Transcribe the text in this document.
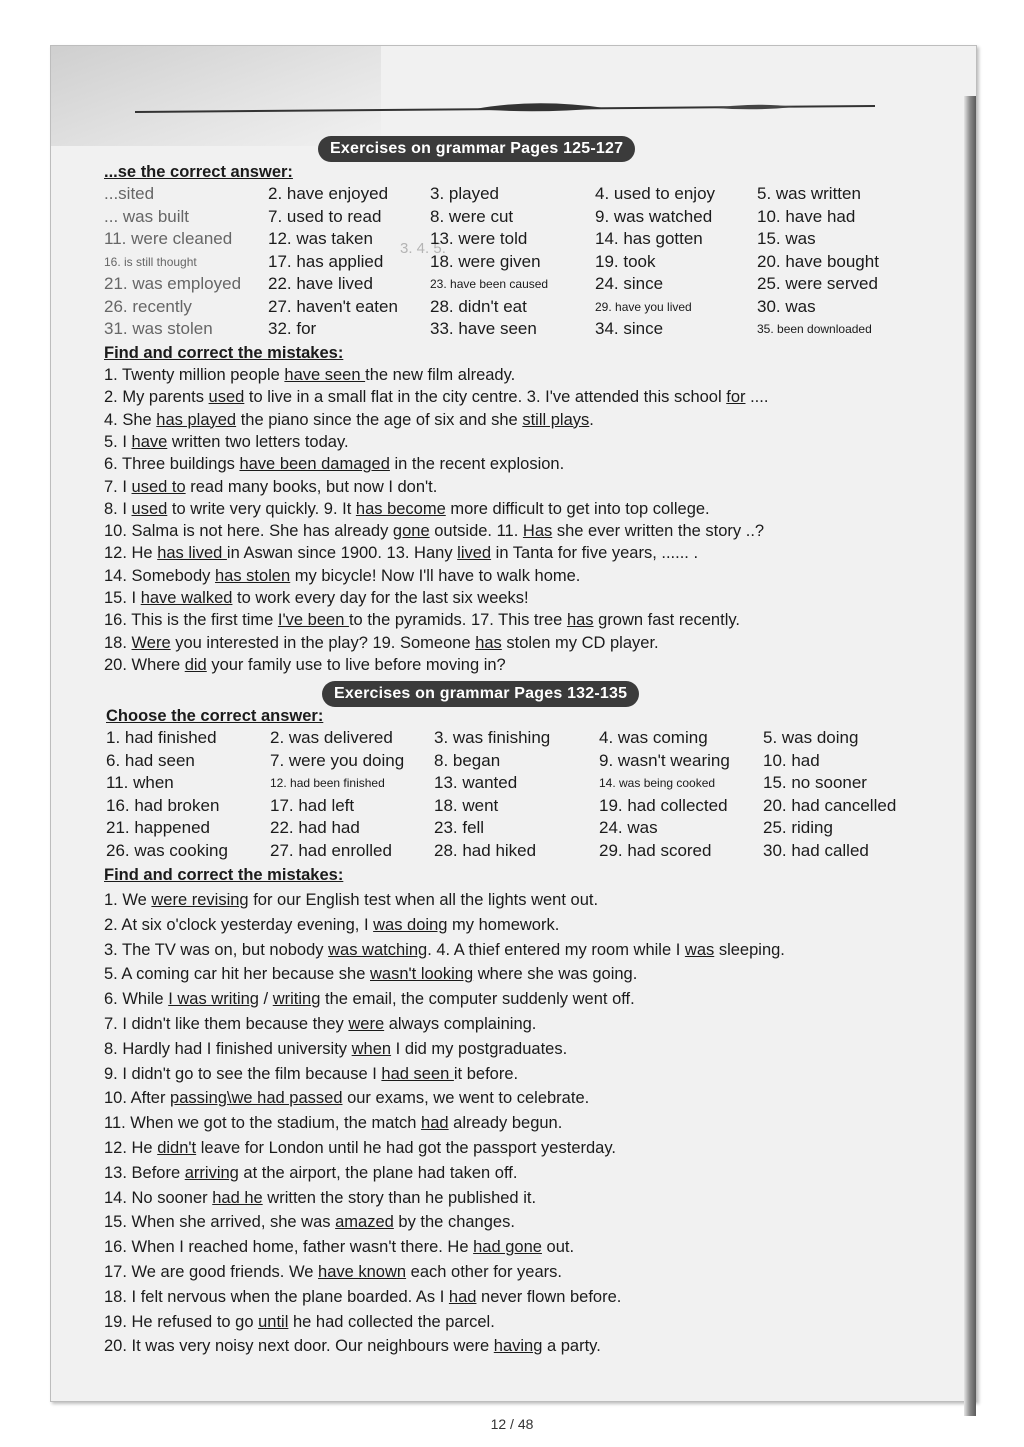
3. 4. 5.
Exercises on grammar Pages 125-127
...se the correct answer:
...sited	2. have enjoyed 3. played	4. used to enjoy 5. was written
... was built	7. used to read	8. were cut	9. was watched	10. have had
11. were cleaned 12. was taken	13. were told	14. has gotten	15. was
16. is still thought	17. has applied	18. were given	19. took	20. have bought
21. was employed 22. have lived	23. have been caused	24. since	25. were served
26. recently	27. haven't eaten 28. didn't eat	29. have you lived	30. was
31. was stolen	32. for	33. have seen	34. since	35. been downloaded
Find and correct the mistakes:
1. Twenty million people have seen the new film already.
2. My parents used to live in a small flat in the city centre. 3. I've attended this school for ....
4. She has played the piano since the age of six and she still plays.
5. I have written two letters today.
6. Three buildings have been damaged in the recent explosion.
7. I used to read many books, but now I don't.
8. I used to write very quickly. 9. It has become more difficult to get into top college.
10. Salma is not here. She has already gone outside. 11. Has she ever written the story ..?
12. He has lived in Aswan since 1900. 13. Hany lived in Tanta for five years, ...... .
14. Somebody has stolen my bicycle! Now I'll have to walk home.
15. I have walked to work every day for the last six weeks!
16. This is the first time I've been to the pyramids. 17. This tree has grown fast recently.
18. Were you interested in the play? 19. Someone has stolen my CD player.
20. Where did your family use to live before moving in?
Exercises on grammar Pages 132-135
Choose the correct answer:
1. had finished	2. was delivered 3. was finishing	4. was coming	5. was doing
6. had seen	7. were you doing 8. began	9. wasn't wearing 10. had
11. when	12. had been finished	13. wanted	14. was being cooked	15. no sooner
16. had broken	17. had left	18. went	19. had collected 20. had cancelled
21. happened	22. had had	23. fell	24. was	25. riding
26. was cooking 27. had enrolled 28. had hiked	29. had scored	30. had called
Find and correct the mistakes:
1. We were revising for our English test when all the lights went out.
2. At six o'clock yesterday evening, I was doing my homework.
3. The TV was on, but nobody was watching. 4. A thief entered my room while I was sleeping.
5. A coming car hit her because she wasn't looking where she was going.
6. While I was writing / writing the email, the computer suddenly went off.
7. I didn't like them because they were always complaining.
8. Hardly had I finished university when I did my postgraduates.
9. I didn't go to see the film because I had seen it before.
10. After passing\we had passed our exams, we went to celebrate.
11. When we got to the stadium, the match had already begun.
12. He didn't leave for London until he had got the passport yesterday.
13. Before arriving at the airport, the plane had taken off.
14. No sooner had he written the story than he published it.
15. When she arrived, she was amazed by the changes.
16. When I reached home, father wasn't there. He had gone out.
17. We are good friends. We have known each other for years.
18. I felt nervous when the plane boarded. As I had never flown before.
19. He refused to go until he had collected the parcel.
20. It was very noisy next door. Our neighbours were having a party.
12 / 48
